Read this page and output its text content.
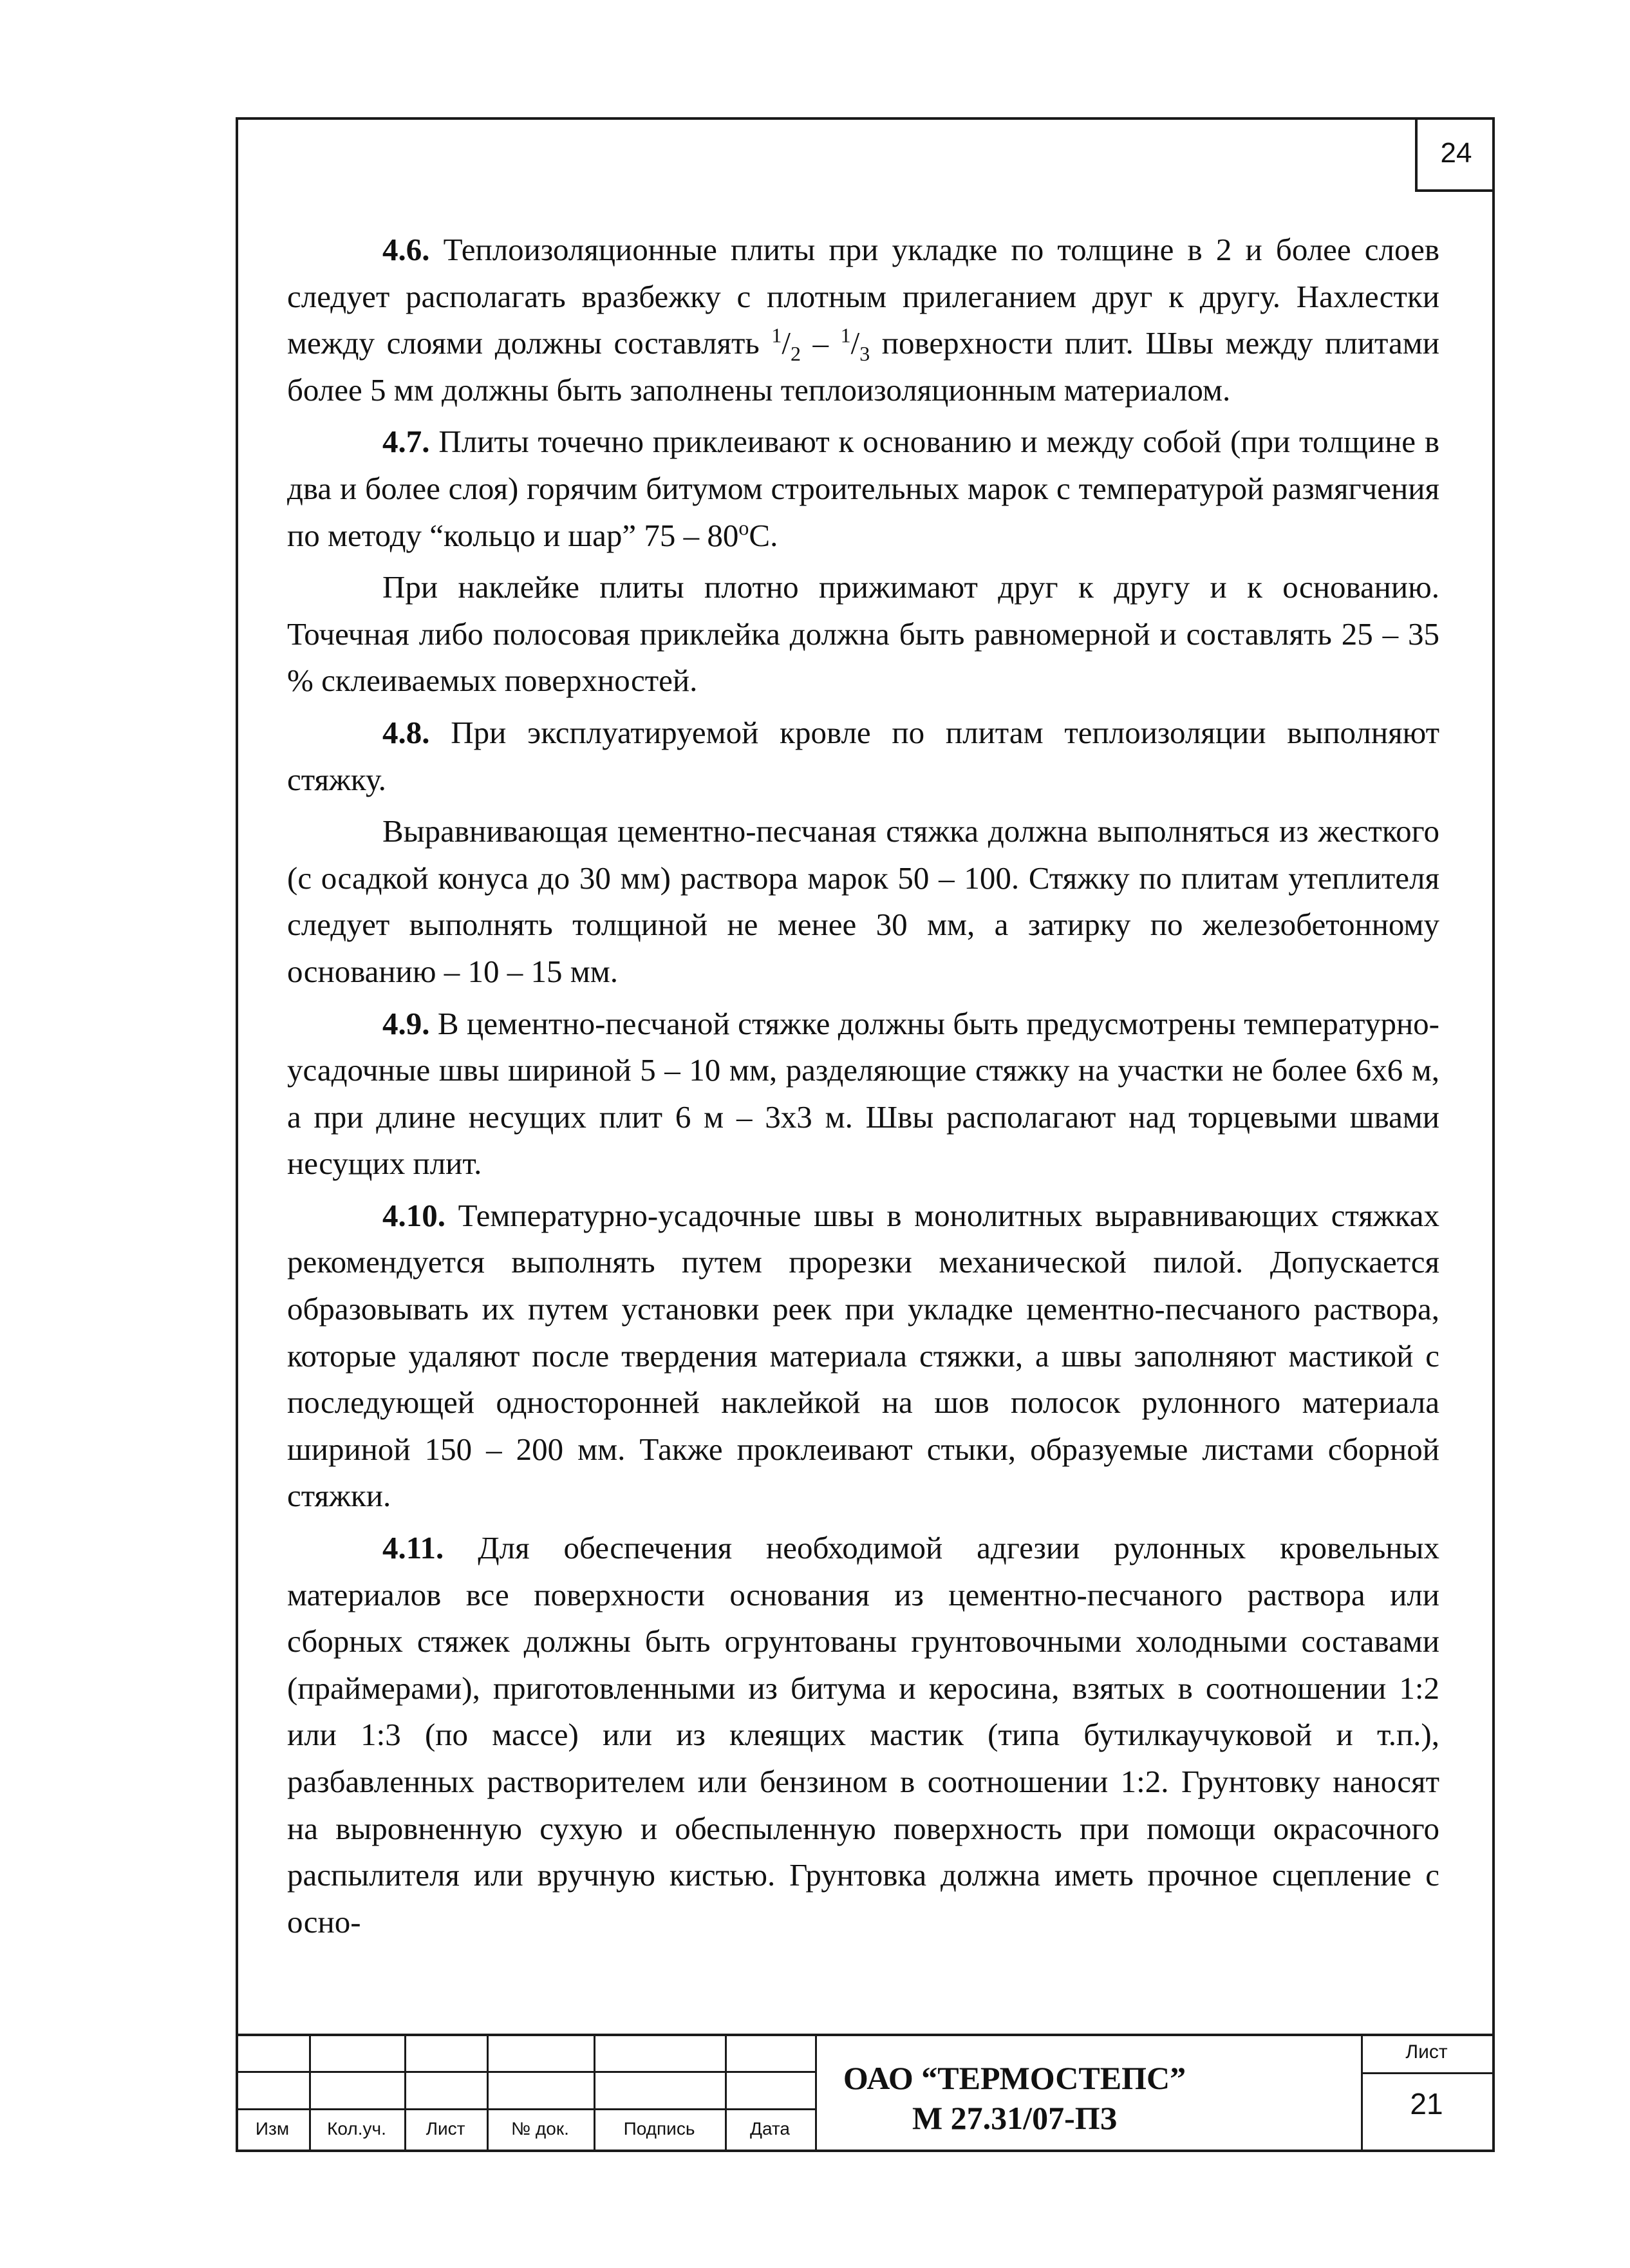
24

4.6. Теплоизоляционные плиты при укладке по толщине в 2 и более слоев следует располагать вразбежку с плотным прилеганием друг к другу. Нахлестки между слоями должны составлять $^1/_2 - ^1/_3$ поверхности плит. Швы между плитами более 5 мм должны быть заполнены теплоизоляционным материалом.

4.7. Плиты точечно приклеивают к основанию и между собой (при толщине в два и более слоя) горячим битумом строительных марок с температурой размягчения по методу “кольцо и шар” 75 – 80$^o$С.

При наклейке плиты плотно прижимают друг к другу и к основанию. Точечная либо полосовая приклейка должна быть равномерной и составлять 25 – 35 % склеиваемых поверхностей.

4.8. При эксплуатируемой кровле по плитам теплоизоляции выполняют стяжку.

Выравнивающая цементно-песчаная стяжка должна выполняться из жесткого (с осадкой конуса до 30 мм) раствора марок 50 – 100. Стяжку по плитам утеплителя следует выполнять толщиной не менее 30 мм, а затирку по железобетонному основанию – 10 – 15 мм.

4.9. В цементно-песчаной стяжке должны быть предусмотрены температурно-усадочные швы шириной 5 – 10 мм, разделяющие стяжку на участки не более 6х6 м, а при длине несущих плит 6 м – 3х3 м. Швы располагают над торцевыми швами несущих плит.

4.10. Температурно-усадочные швы в монолитных выравнивающих стяжках рекомендуется выполнять путем прорезки механической пилой. Допускается образовывать их путем установки реек при укладке цементно-песчаного раствора, которые удаляют после твердения материала стяжки, а швы заполняют мастикой с последующей односторонней наклейкой на шов полосок рулонного материала шириной 150 – 200 мм. Также проклеивают стыки, образуемые листами сборной стяжки.

4.11. Для обеспечения необходимой адгезии рулонных кровельных материалов все поверхности основания из цементно-песчаного раствора или сборных стяжек должны быть огрунтованы грунтовочными холодными составами (праймерами), приготовленными из битума и керосина, взятых в соотношении 1:2 или 1:3 (по массе) или из клеящих мастик (типа бутилкаучуковой и т.п.), разбавленных растворителем или бензином в соотношении 1:2. Грунтовку наносят на выровненную сухую и обеспыленную поверхность при помощи окрасочного распылителя или вручную кистью. Грунтовка должна иметь прочное сцепление с осно-

Изм	Кол.уч.	Лист	№ док.	Подпись	Дата
ОАО “ТЕРМОСТЕПС”
М 27.31/07-ПЗ
Лист
21
